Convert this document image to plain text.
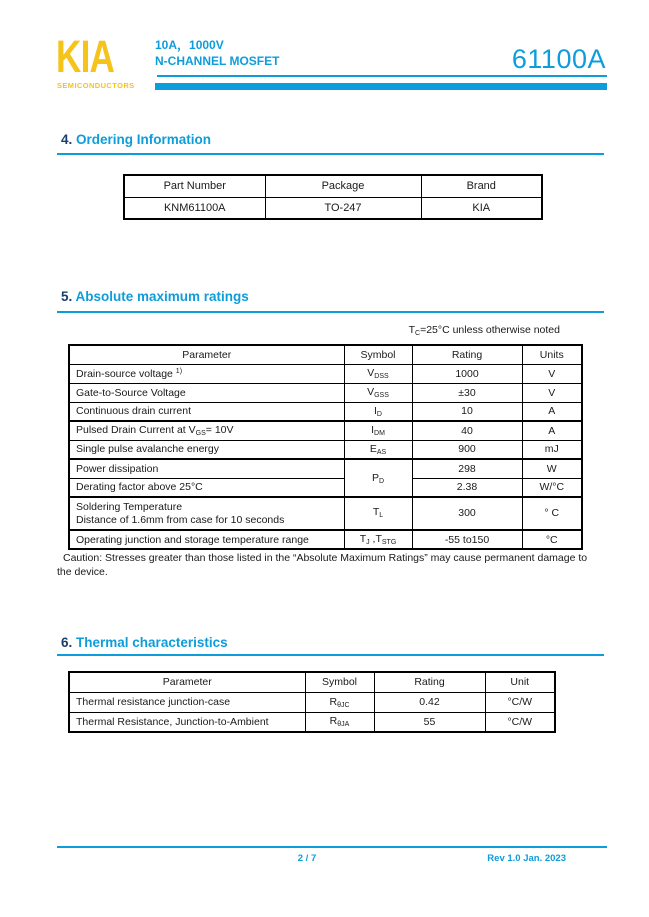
KIA
SEMICONDUCTORS
10A，1000V
N-CHANNEL MOSFET	61100A
4. Ordering Information
Part Number	Package	Brand
KNM61100A	TO-247	KIA
5. Absolute maximum ratings
$T_C=25^\circ C$ unless otherwise noted
Parameter	Symbol	Rating	Units
Drain-source voltage $^{1)}$	$V_{DSS}$	1000	V
Gate-to-Source Voltage	$V_{GSS}$	±30	V
Continuous drain current	$I_D$	10	A
Pulsed Drain Current at $V_{GS}= 10V$	$I_{DM}$	40	A
Single pulse avalanche energy	$E_{AS}$	900	mJ
Power dissipation	$P_D$	298	W
Derating factor above 25°C		2.38	W/°C

Soldering Temperature
Distance of 1.6mm from case for 10 seconds	$T_L$	300	° C
Operating junction and storage temperature range	$T_J$ $,T_{STG}$	-55 to150	°C
Caution: Stresses greater than those listed in the “Absolute Maximum Ratings” may cause permanent damage to the device.
6. Thermal characteristics
Parameter	Symbol	Rating	Unit
Thermal resistance junction-case	$R_{\theta JC}$	0.42	°C/W
Thermal Resistance, Junction-to-Ambient	$R_{\theta JA}$	55	°C/W
2 / 7	Rev 1.0 Jan. 2023
